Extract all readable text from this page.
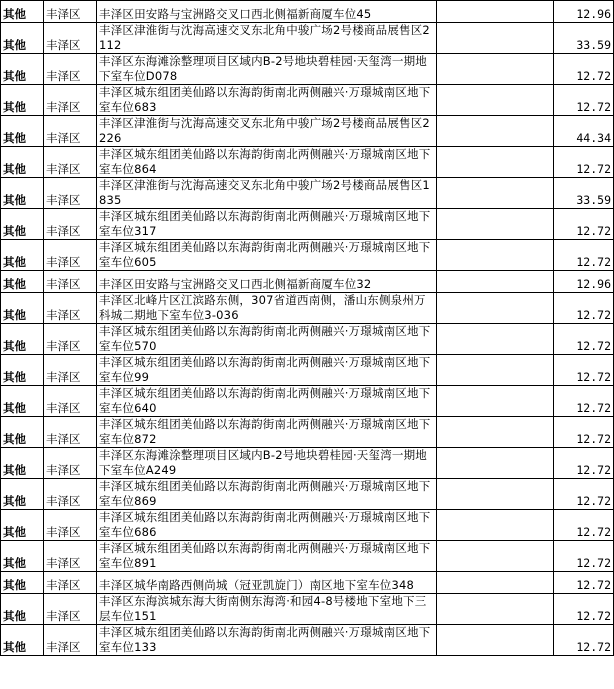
其他	丰泽区	丰泽区田安路与宝洲路交叉口西北侧福新商厦车位45		12.96
其他	丰泽区	丰泽区津淮街与沈海高速交叉东北角中骏广场2号楼商品展售区2112		33.59
其他	丰泽区	丰泽区东海滩涂整理项目区域内B-2号地块碧桂园·天玺湾一期地下室车位D078		12.72
其他	丰泽区	丰泽区城东组团美仙路以东海韵街南北两侧融兴·万璟城南区地下室车位683		12.72
其他	丰泽区	丰泽区津淮街与沈海高速交叉东北角中骏广场2号楼商品展售区2226		44.34
其他	丰泽区	丰泽区城东组团美仙路以东海韵街南北两侧融兴·万璟城南区地下室车位864		12.72
其他	丰泽区	丰泽区津淮街与沈海高速交叉东北角中骏广场2号楼商品展售区1835		33.59
其他	丰泽区	丰泽区城东组团美仙路以东海韵街南北两侧融兴·万璟城南区地下室车位317		12.72
其他	丰泽区	丰泽区城东组团美仙路以东海韵街南北两侧融兴·万璟城南区地下室车位605		12.72
其他	丰泽区	丰泽区田安路与宝洲路交叉口西北侧福新商厦车位32		12.96
其他	丰泽区	丰泽区北峰片区江滨路东侧，307省道西南侧，潘山东侧泉州万科城二期地下室车位3-036		12.72
其他	丰泽区	丰泽区城东组团美仙路以东海韵街南北两侧融兴·万璟城南区地下室车位570		12.72
其他	丰泽区	丰泽区城东组团美仙路以东海韵街南北两侧融兴·万璟城南区地下室车位99		12.72
其他	丰泽区	丰泽区城东组团美仙路以东海韵街南北两侧融兴·万璟城南区地下室车位640		12.72
其他	丰泽区	丰泽区城东组团美仙路以东海韵街南北两侧融兴·万璟城南区地下室车位872		12.72
其他	丰泽区	丰泽区东海滩涂整理项目区域内B-2号地块碧桂园·天玺湾一期地下室车位A249		12.72
其他	丰泽区	丰泽区城东组团美仙路以东海韵街南北两侧融兴·万璟城南区地下室车位869		12.72
其他	丰泽区	丰泽区城东组团美仙路以东海韵街南北两侧融兴·万璟城南区地下室车位686		12.72
其他	丰泽区	丰泽区城东组团美仙路以东海韵街南北两侧融兴·万璟城南区地下室车位891		12.72
其他	丰泽区	丰泽区城华南路西侧尚城（冠亚凯旋门）南区地下室车位348		12.72
其他	丰泽区	丰泽区东海滨城东海大街南侧东海湾·和园4-8号楼地下室地下三层车位151		12.72
其他	丰泽区	丰泽区城东组团美仙路以东海韵街南北两侧融兴·万璟城南区地下室车位133		12.72
